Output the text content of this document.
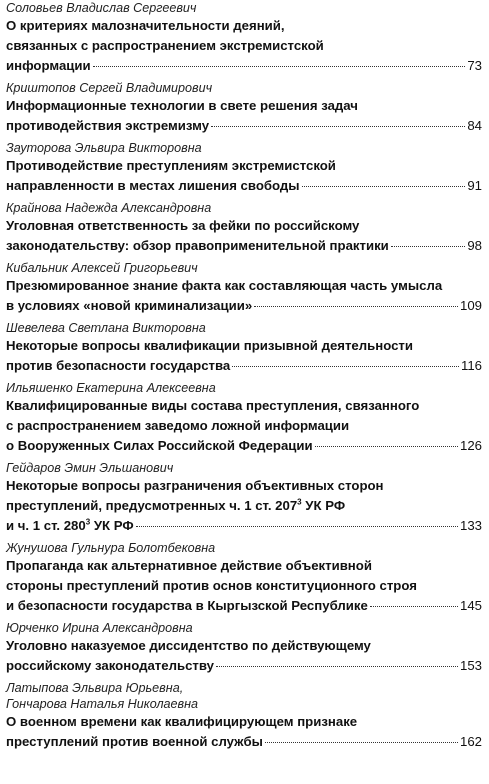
Соловьев Владислав Сергеевич
О критериях малозначительности деяний,
связанных с распространением экстремистской
информации	73
Криштопов Сергей Владимирович
Информационные технологии в свете решения задач
противодействия экстремизму	84
Зауторова Эльвира Викторовна
Противодействие преступлениям экстремистской
направленности в местах лишения свободы	91
Крайнова Надежда Александровна
Уголовная ответственность за фейки по российскому
законодательству: обзор правоприменительной практики	98
Кибальник Алексей Григорьевич
Презюмированное знание факта как составляющая часть умысла
в условиях «новой криминализации»	109
Шевелева Светлана Викторовна
Некоторые вопросы квалификации призывной деятельности
против безопасности государства	116
Ильяшенко Екатерина Алексеевна
Квалифицированные виды состава преступления, связанного
с распространением заведомо ложной информации
о Вооруженных Силах Российской Федерации	126
Гейдаров Эмин Эльшанович
Некоторые вопросы разграничения объективных сторон
преступлений, предусмотренных ч. 1 ст. $207^3$ УК РФ
и ч. 1 ст. $280^3$ УК РФ	133
Жунушова Гульнура Болотбековна
Пропаганда как альтернативное действие объективной
стороны преступлений против основ конституционного строя
и безопасности государства в Кыргызской Республике	145
Юрченко Ирина Александровна
Уголовно наказуемое диссидентство по действующему
российскому законодательству	153
Латыпова Эльвира Юрьевна,
Гончарова Наталья Николаевна
О военном времени как квалифицирующем признаке
преступлений против военной службы	162
